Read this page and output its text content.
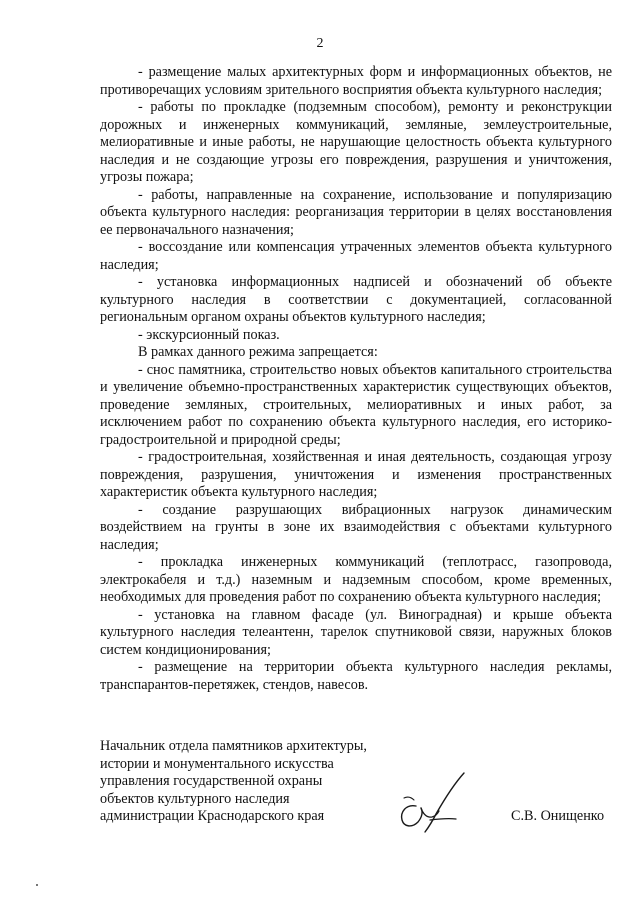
2

- размещение малых архитектурных форм и информационных объектов, не противоречащих условиям зрительного восприятия объекта культурного наследия;

- работы по прокладке (подземным способом), ремонту и реконструкции дорожных и инженерных коммуникаций, земляные, землеустроительные, мелиоративные и иные работы, не нарушающие целостность объекта культурного наследия и не создающие угрозы его повреждения, разрушения и уничтожения, угрозы пожара;

- работы, направленные на сохранение, использование и популяризацию объекта культурного наследия: реорганизация территории в целях восстановления ее первоначального назначения;

- воссоздание или компенсация утраченных элементов объекта культурного наследия;

- установка информационных надписей и обозначений об объекте культурного наследия в соответствии с документацией, согласованной региональным органом охраны объектов культурного наследия;

- экскурсионный показ.

В рамках данного режима запрещается:

- снос памятника, строительство новых объектов капитального строительства и увеличение объемно-пространственных характеристик существующих объектов, проведение земляных, строительных, мелиоративных и иных работ, за исключением работ по сохранению объекта культурного наследия, его историко-градостроительной и природной среды;

- градостроительная, хозяйственная и иная деятельность, создающая угрозу повреждения, разрушения, уничтожения и изменения пространственных характеристик объекта культурного наследия;

- создание разрушающих вибрационных нагрузок динамическим воздействием на грунты в зоне их взаимодействия с объектами культурного наследия;

- прокладка инженерных коммуникаций (теплотрасс, газопровода, электрокабеля и т.д.) наземным и надземным способом, кроме временных, необходимых для проведения работ по сохранению объекта культурного наследия;

- установка на главном фасаде (ул. Виноградная) и крыше объекта культурного наследия телеантенн, тарелок спутниковой связи, наружных блоков систем кондиционирования;

- размещение на территории объекта культурного наследия рекламы, транспарантов-перетяжек, стендов, навесов.

Начальник отдела памятников архитектуры,
истории и монументального искусства
управления государственной охраны
объектов культурного наследия
администрации Краснодарского края	С.В. Онищенко
